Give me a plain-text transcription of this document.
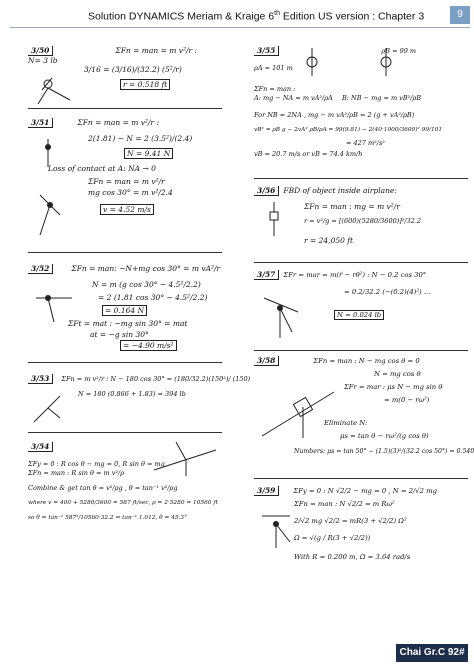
Solution DYNAMICS Meriam & Kraige 6th Edition US version : Chapter 3	9
3/50	ΣFn = man = m v²/r :
N= 3 lb
3/16 = (3/16)/(32.2) (5²/r)
r = 0.518 ft
3/51	ΣFn = man = m v²/r :
2(1.81) − N = 2 (3.5²)/(2.4)
N = 9.41 N
Loss of contact at A: NA → 0
ΣFn = man = m v²/r
mg cos 30° = m v²/2.4
v = 4.52 m/s
3/52	ΣFn = man: −N+mg cos 30° = m vA²/r
N = m (g cos 30° − 4.5²/2.2)
= 2 (1.81 cos 30° − 4.5²/2.2)
= 0.164 N
ΣFt = mat : −mg sin 30° = mat
at = −g sin 30°
= −4.90 m/s²
3/53 ΣFn = m v²/r : N − 180 cos 30° = (180/32.2)(150²)/ (150)
N = 180 (0.866 + 1.83) = 394 lb
3/54
ΣFy = 0 : R cos θ − mg = 0, R sin θ = mg
ΣFn = man : R sin θ = m v²/ρ
Combine & get tan θ = v²/ρg , θ = tan⁻¹ v²/ρg
where v = 400 + 5280/3600 = 587 ft/sec, ρ = 2·5280 = 10560 ft
so θ = tan⁻¹ 587²/10560·32.2 = tan⁻¹ 1.012, θ = 45.3°
3/55	ρB = 99 m
ρA = 101 m
ΣFn = man :
A: mg − NA = m vA²/ρA	B: NB − mg = m vB²/ρB
For NB = 2NA , mg − m vA²/ρB = 2 (g + vA²/ρB)
vB² = ρB g − 2vA² ρB/ρA = 99(9.81) − 2(40·1000/3600)² 99/101
= 427 m²/s²
vB = 20.7 m/s or vB = 74.4 km/h
3/56 FBD of object inside airplane:
ΣFn = man : mg = m v²/r
r = v²/g = [(600)(5280/3600)]²/32.2
r = 24,050 ft
3/57 ΣFr = mar = m(r̈ − rθ̇²) : N − 0.2 cos 30°
= 0.2/32.2 (−(0.2)(4)²) ...
N = 0.024 lb
3/58	ΣFn = man : N − mg cos θ = 0
N = mg cos θ
ΣFr = mar : μs N − mg sin θ
= m(0 − rω²)
Eliminate N:
μs = tan θ − rω²/(g cos θ)
Numbers: μs = tan 50° − (1.5)(3)²/(32.2 cos 50°) = 0.540
3/59	ΣFy = 0 : N √2/2 − mg = 0 , N = 2/√2 mg
ΣFn = man : N √2/2 = m Rω²
2/√2 mg √2/2 = mR(3 + √2/2) Ω²
Ω = √(g / R(3 + √2/2))
With R = 0.200 m, Ω = 3.64 rad/s
Chai Gr.C 92#
